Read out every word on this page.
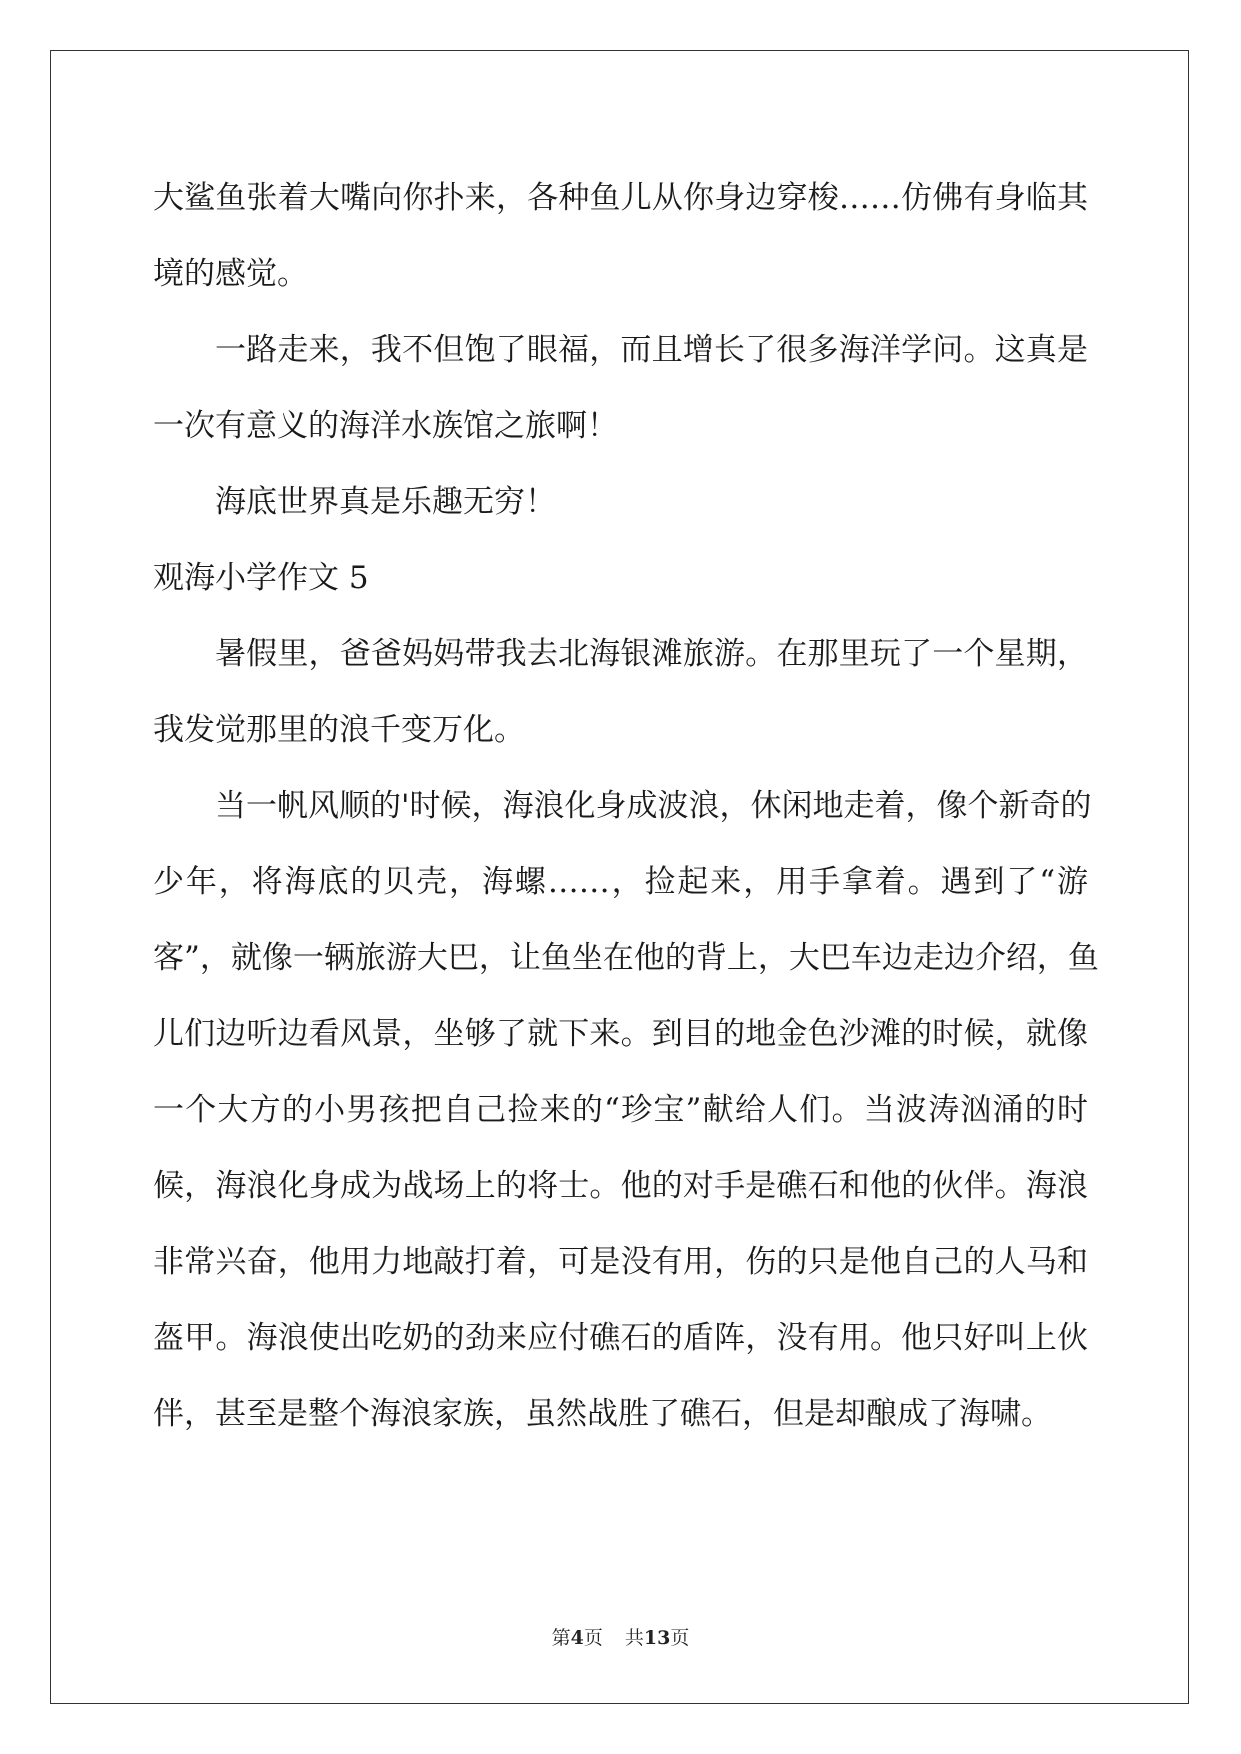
大鲨鱼张着大嘴向你扑来，各种鱼儿从你身边穿梭……仿佛有身临其
境的感觉。
一路走来，我不但饱了眼福，而且增长了很多海洋学问。这真是
一次有意义的海洋水族馆之旅啊！
海底世界真是乐趣无穷！
观海小学作文 5
暑假里，爸爸妈妈带我去北海银滩旅游。在那里玩了一个星期，
我发觉那里的浪千变万化。
当一帆风顺的'时候，海浪化身成波浪，休闲地走着，像个新奇的
少年，将海底的贝壳，海螺……，捡起来，用手拿着。遇到了“游
客”，就像一辆旅游大巴，让鱼坐在他的背上，大巴车边走边介绍，鱼
儿们边听边看风景，坐够了就下来。到目的地金色沙滩的时候，就像
一个大方的小男孩把自己捡来的“珍宝”献给人们。当波涛汹涌的时
候，海浪化身成为战场上的将士。他的对手是礁石和他的伙伴。海浪
非常兴奋，他用力地敲打着，可是没有用，伤的只是他自己的人马和
盔甲。海浪使出吃奶的劲来应付礁石的盾阵，没有用。他只好叫上伙
伴，甚至是整个海浪家族，虽然战胜了礁石，但是却酿成了海啸。
第4页 共13页
